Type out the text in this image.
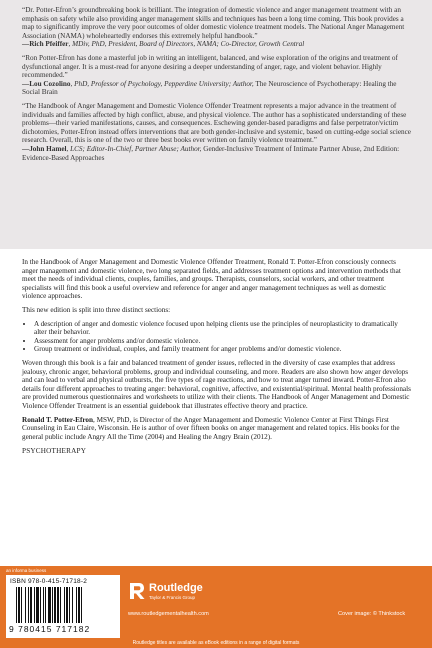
“Dr. Potter-Efron’s groundbreaking book is brilliant. The integration of domestic violence and anger management treatment with an emphasis on safety while also providing anger management skills and techniques has been a long time coming. This book provides a map to significantly improve the very poor outcomes of older domestic violence treatment models. The National Anger Management Association (NAMA) wholeheartedly endorses this extremely helpful handbook.”
—Rich Pfeiffer, MDiv, PhD, President, Board of Directors, NAMA; Co-Director, Growth Central
“Ron Potter-Efron has done a masterful job in writing an intelligent, balanced, and wise exploration of the origins and treatment of dysfunctional anger. It is a must-read for anyone desiring a deeper understanding of anger, rage, and violent behavior. Highly recommended.”
—Lou Cozolino, PhD, Professor of Psychology, Pepperdine University; Author, The Neuroscience of Psychotherapy: Healing the Social Brain
“The Handbook of Anger Management and Domestic Violence Offender Treatment represents a major advance in the treatment of individuals and families affected by high conflict, abuse, and physical violence. The author has a sophisticated understanding of these problems—their varied manifestations, causes, and consequences. Eschewing gender-based paradigms and false perpetrator/victim dichotomies, Potter-Efron instead offers interventions that are both gender-inclusive and systemic, based on cutting-edge social science research. Overall, this is one of the two or three best books ever written on family violence treatment.”
—John Hamel, LCS; Editor-In-Chief, Partner Abuse; Author, Gender-Inclusive Treatment of Intimate Partner Abuse, 2nd Edition: Evidence-Based Approaches

In the Handbook of Anger Management and Domestic Violence Offender Treatment, Ronald T. Potter-Efron consciously connects anger management and domestic violence, two long separated fields, and addresses treatment options and intervention methods that meet the needs of individual clients, couples, families, and groups. Therapists, counselors, social workers, and other treatment specialists will find this book a useful overview and reference for anger and anger management techniques as well as domestic violence approaches.

This new edition is split into three distinct sections:

• A description of anger and domestic violence focused upon helping clients use the principles of neuroplasticity to dramatically alter their behavior.
• Assessment for anger problems and/or domestic violence.
• Group treatment or individual, couples, and family treatment for anger problems and/or domestic violence.

Woven through this book is a fair and balanced treatment of gender issues, reflected in the diversity of case examples that address jealousy, chronic anger, behavioral problems, group and individual counseling, and more. Readers are also shown how anger develops and can lead to verbal and physical outbursts, the five types of rage reactions, and how to treat anger turned inward. Potter-Efron also details four different approaches to treating anger: behavioral, cognitive, affective, and existential/spiritual. Mental health professionals are provided numerous questionnaires and worksheets to utilize with their clients. The Handbook of Anger Management and Domestic Violence Offender Treatment is an essential guidebook that illustrates effective theory and practice.

Ronald T. Potter-Efron, MSW, PhD, is Director of the Anger Management and Domestic Violence Center at First Things First Counseling in Eau Claire, Wisconsin. He is author of over fifteen books on anger management and related topics. His books for the general public include Angry All the Time (2004) and Healing the Angry Brain (2012).

PSYCHOTHERAPY

an informa business
ISBN 978-0-415-71718-2
9 780415 717182
Routledge
Taylor & Francis Group
www.routledgementalhealth.com	Cover image: © Thinkstock
Routledge titles are available as eBook editions in a range of digital formats
